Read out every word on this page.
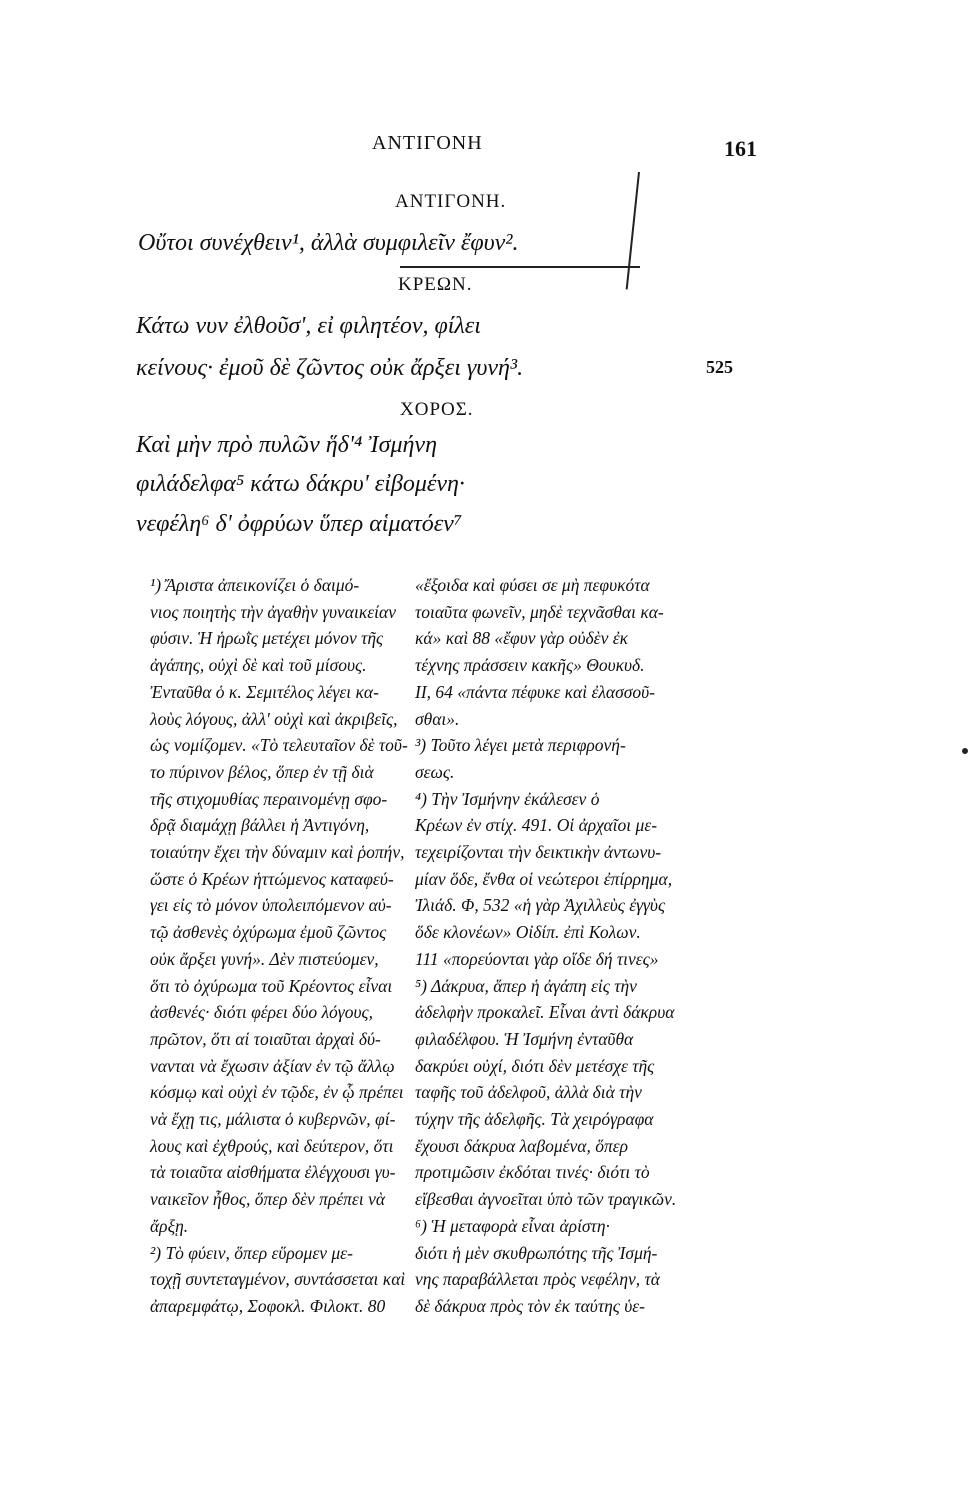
ΑΝΤΙΓΟΝΗ	161
ΑΝΤΙΓΟΝΗ.
Οὔτοι συνέχθειν¹, ἀλλὰ συμφιλεῖν ἔφυν².
ΚΡΕΩΝ.
Κάτω νυν ἐλθοῦσ', εἰ φιλητέον, φίλει
κείνους· ἐμοῦ δὲ ζῶντος οὐκ ἄρξει γυνή³.	525
ΧΟΡΟΣ.
Καὶ μὴν πρὸ πυλῶν ἥδ'⁴ Ἰσμήνη
φιλάδελφα⁵ κάτω δάκρυ' εἰβομένη·
νεφέλη⁶ δ' ὀφρύων ὕπερ αἱματόεν⁷

¹) Ἄριστα ἀπεικονίζει ὁ δαιμό-

νιος ποιητὴς τὴν ἀγαθὴν γυναικείαν

φύσιν. Ἡ ἡρωῒς μετέχει μόνον τῆς

ἀγάπης, οὐχὶ δὲ καὶ τοῦ μίσους.

Ἐνταῦθα ὁ κ. Σεμιτέλος λέγει κα-

λοὺς λόγους, ἀλλ' οὐχὶ καὶ ἀκριβεῖς,

ὡς νομίζομεν. «Τὸ τελευταῖον δὲ τοῦ-

το πύρινον βέλος, ὅπερ ἐν τῇ διὰ

τῆς στιχομυθίας περαινομένῃ σφο-

δρᾷ διαμάχῃ βάλλει ἡ Ἀντιγόνη,

τοιαύτην ἔχει τὴν δύναμιν καὶ ῥοπήν,

ὥστε ὁ Κρέων ἡττώμενος καταφεύ-

γει εἰς τὸ μόνον ὑπολειπόμενον αὐ-

τῷ ἀσθενὲς ὀχύρωμα ἐμοῦ ζῶντος

οὐκ ἄρξει γυνή». Δὲν πιστεύομεν,

ὅτι τὸ ὀχύρωμα τοῦ Κρέοντος εἶναι

ἀσθενές· διότι φέρει δύο λόγους,

πρῶτον, ὅτι αἱ τοιαῦται ἀρχαὶ δύ-

νανται νὰ ἔχωσιν ἀξίαν ἐν τῷ ἄλλῳ

κόσμῳ καὶ οὐχὶ ἐν τῷδε, ἐν ᾧ πρέπει

νὰ ἔχῃ τις, μάλιστα ὁ κυβερνῶν, φί-

λους καὶ ἐχθρούς, καὶ δεύτερον, ὅτι

τὰ τοιαῦτα αἰσθήματα ἐλέγχουσι γυ-

ναικεῖον ἦθος, ὅπερ δὲν πρέπει νὰ

ἄρξῃ.

²) Τὸ φύειν, ὅπερ εὕρομεν με-

τοχῇ συντεταγμένον, συντάσσεται καὶ

ἀπαρεμφάτῳ, Σοφοκλ. Φιλοκτ. 80

«ἔξοιδα καὶ φύσει σε μὴ πεφυκότα

τοιαῦτα φωνεῖν, μηδὲ τεχνᾶσθαι κα-

κά» καὶ 88 «ἔφυν γὰρ οὐδὲν ἐκ

τέχνης πράσσειν κακῆς» Θουκυδ.

ΙΙ, 64 «πάντα πέφυκε καὶ ἐλασσοῦ-

σθαι».

³) Τοῦτο λέγει μετὰ περιφρονή-

σεως.

⁴) Τὴν Ἰσμήνην ἐκάλεσεν ὁ

Κρέων ἐν στίχ. 491. Οἱ ἀρχαῖοι με-

τεχειρίζονται τὴν δεικτικὴν ἀντωνυ-

μίαν ὅδε, ἔνθα οἱ νεώτεροι ἐπίρρημα,

Ἰλιάδ. Φ, 532 «ἡ γὰρ Ἀχιλλεὺς ἐγγὺς

ὅδε κλονέων» Οἰδίπ. ἐπὶ Κολων.

111 «πορεύονται γὰρ οἵδε δή τινες»

⁵) Δάκρυα, ἅπερ ἡ ἀγάπη εἰς τὴν

ἀδελφὴν προκαλεῖ. Εἶναι ἀντὶ δάκρυα

φιλαδέλφου. Ἡ Ἰσμήνη ἐνταῦθα

δακρύει οὐχί, διότι δὲν μετέσχε τῆς

ταφῆς τοῦ ἀδελφοῦ, ἀλλὰ διὰ τὴν

τύχην τῆς ἀδελφῆς. Τὰ χειρόγραφα

ἔχουσι δάκρυα λαβομένα, ὅπερ

προτιμῶσιν ἐκδόται τινές· διότι τὸ

εἴβεσθαι ἀγνοεῖται ὑπὸ τῶν τραγικῶν.

⁶) Ἡ μεταφορὰ εἶναι ἀρίστη·

διότι ἡ μὲν σκυθρωπότης τῆς Ἰσμή-

νης παραβάλλεται πρὸς νεφέλην, τὰ

δὲ δάκρυα πρὸς τὸν ἐκ ταύτης ὑε-
